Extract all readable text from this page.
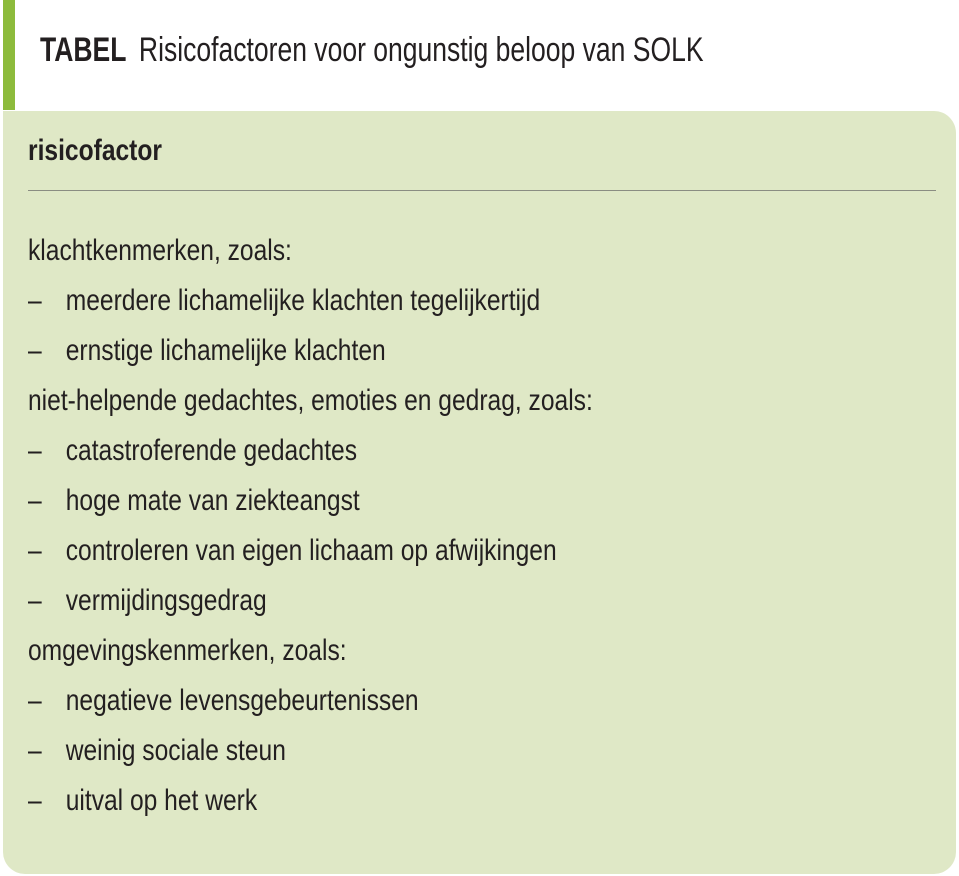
TABEL Risicofactoren voor ongunstig beloop van SOLK
risicofactor
klachtkenmerken, zoals:
– meerdere lichamelijke klachten tegelijkertijd
– ernstige lichamelijke klachten
niet-helpende gedachtes, emoties en gedrag, zoals:
– catastroferende gedachtes
– hoge mate van ziekteangst
– controleren van eigen lichaam op afwijkingen
– vermijdingsgedrag
omgevingskenmerken, zoals:
– negatieve levensgebeurtenissen
– weinig sociale steun
– uitval op het werk
